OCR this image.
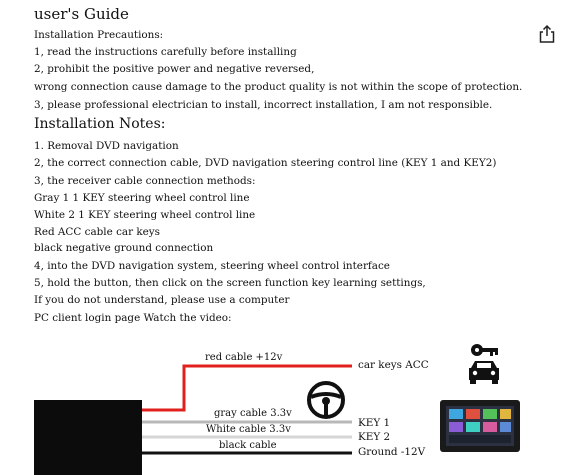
user's Guide
Installation Precautions:
1, read the instructions carefully before installing
2, prohibit the positive power and negative reversed,
wrong connection cause damage to the product quality is not within the scope of protection.
3, please professional electrician to install, incorrect installation, I am not responsible.
Installation Notes:
1. Removal DVD navigation
2, the correct connection cable, DVD navigation steering control line (KEY 1 and KEY2)
3, the receiver cable connection methods:
Gray 1 1 KEY steering wheel control line
White 2 1 KEY steering wheel control line
Red ACC cable car keys
black negative ground connection
4, into the DVD navigation system, steering wheel control interface
5, hold the button, then click on the screen function key learning settings,
If you do not understand, please use a computer
PC client login page Watch the video:
red cable +12v
car keys ACC
gray cable 3.3v
KEY 1
White cable 3.3v
KEY 2
black cable
Ground -12V
